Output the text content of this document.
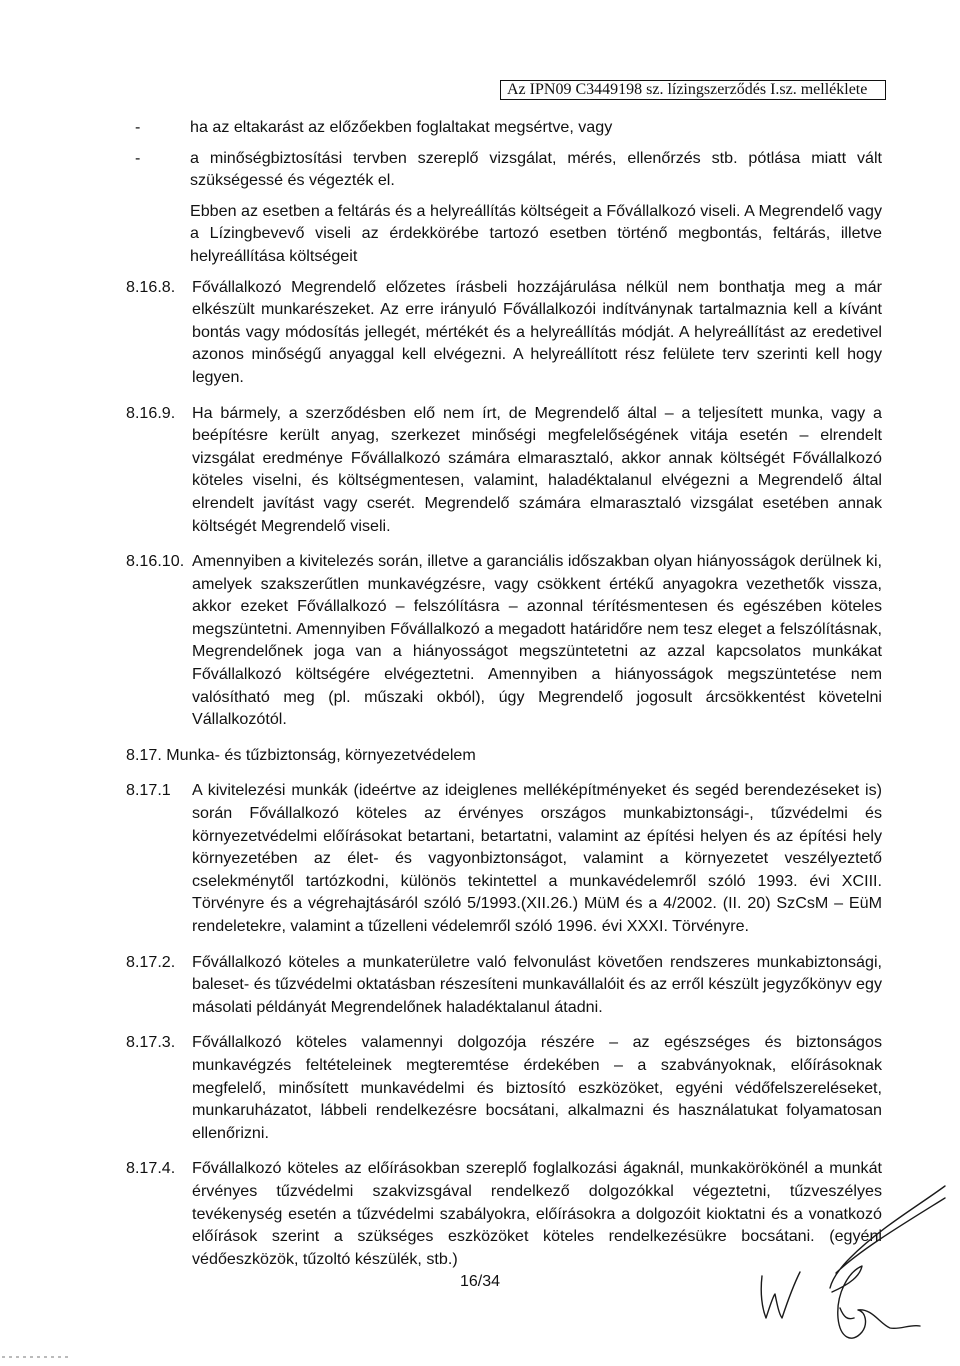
Az IPN09 C3449198 sz. lízingszerződés I.sz. melléklete
-	ha az eltakarást az előzőekben foglaltakat megsértve, vagy
-	a minőségbiztosítási tervben szereplő vizsgálat, mérés, ellenőrzés stb. pótlása miatt vált szükségessé és végezték el.
Ebben az esetben a feltárás és a helyreállítás költségeit a Fővállalkozó viseli. A Megrendelő vagy a Lízingbevevő viseli az érdekkörébe tartozó esetben történő megbontás, feltárás, illetve helyreállítása költségeit
8.16.8.	Fővállalkozó Megrendelő előzetes írásbeli hozzájárulása nélkül nem bonthatja meg a már elkészült munkarészeket. Az erre irányuló Fővállalkozói indítványnak tartalmaznia kell a kívánt bontás vagy módosítás jellegét, mértékét és a helyreállítás módját. A helyreállítást az eredetivel azonos minőségű anyaggal kell elvégezni. A helyreállított rész felülete terv szerinti kell hogy legyen.
8.16.9.	Ha bármely, a szerződésben elő nem írt, de Megrendelő által – a teljesített munka, vagy a beépítésre került anyag, szerkezet minőségi megfelelőségének vitája esetén – elrendelt vizsgálat eredménye Fővállalkozó számára elmarasztaló, akkor annak költségét Fővállalkozó köteles viselni, és költségmentesen, valamint, haladéktalanul elvégezni a Megrendelő által elrendelt javítást vagy cserét. Megrendelő számára elmarasztaló vizsgálat esetében annak költségét Megrendelő viseli.
8.16.10. Amennyiben a kivitelezés során, illetve a garanciális időszakban olyan hiányosságok derülnek ki, amelyek szakszerűtlen munkavégzésre, vagy csökkent értékű anyagokra vezethetők vissza, akkor ezeket Fővállalkozó – felszólításra – azonnal térítésmentesen és egészében köteles megszüntetni. Amennyiben Fővállalkozó a megadott határidőre nem tesz eleget a felszólításnak, Megrendelőnek joga van a hiányosságot megszüntetetni az azzal kapcsolatos munkákat Fővállalkozó költségére elvégeztetni. Amennyiben a hiányosságok megszüntetése nem valósítható meg (pl. műszaki okból), úgy Megrendelő jogosult árcsökkentést követelni Vállalkozótól.
8.17. Munka- és tűzbiztonság, környezetvédelem
8.17.1	A kivitelezési munkák (ideértve az ideiglenes melléképítményeket és segéd berendezéseket is) során Fővállalkozó köteles az érvényes országos munkabiztonsági-, tűzvédelmi és környezetvédelmi előírásokat betartani, betartatni, valamint az építési helyen és az építési hely környezetében az élet- és vagyonbiztonságot, valamint a környezetet veszélyeztető cselekménytől tartózkodni, különös tekintettel a munkavédelemről szóló 1993. évi XCIII. Törvényre és a végrehajtásáról szóló 5/1993.(XII.26.) MüM és a 4/2002. (II. 20) SzCsM – EüM rendeletekre, valamint a tűzelleni védelemről szóló 1996. évi XXXI. Törvényre.
8.17.2.	Fővállalkozó köteles a munkaterületre való felvonulást követően rendszeres munkabiztonsági, baleset- és tűzvédelmi oktatásban részesíteni munkavállalóit és az erről készült jegyzőkönyv egy másolati példányát Megrendelőnek haladéktalanul átadni.
8.17.3.	Fővállalkozó köteles valamennyi dolgozója részére – az egészséges és biztonságos munkavégzés feltételeinek megteremtése érdekében – a szabványoknak, előírásoknak megfelelő, minősített munkavédelmi és biztosító eszközöket, egyéni védőfelszereléseket, munkaruházatot, lábbeli rendelkezésre bocsátani, alkalmazni és használatukat folyamatosan ellenőrizni.
8.17.4.	Fővállalkozó köteles az előírásokban szereplő foglalkozási ágaknál, munkakörökönél a munkát érvényes tűzvédelmi szakvizsgával rendelkező dolgozókkal végeztetni, tűzveszélyes tevékenység esetén a tűzvédelmi szabályokra, előírásokra a dolgozóit kioktatni és a vonatkozó előírások szerint a szükséges eszközöket köteles rendelkezésükre bocsátani. (egyéni védőeszközök, tűzoltó készülék, stb.)
16/34
